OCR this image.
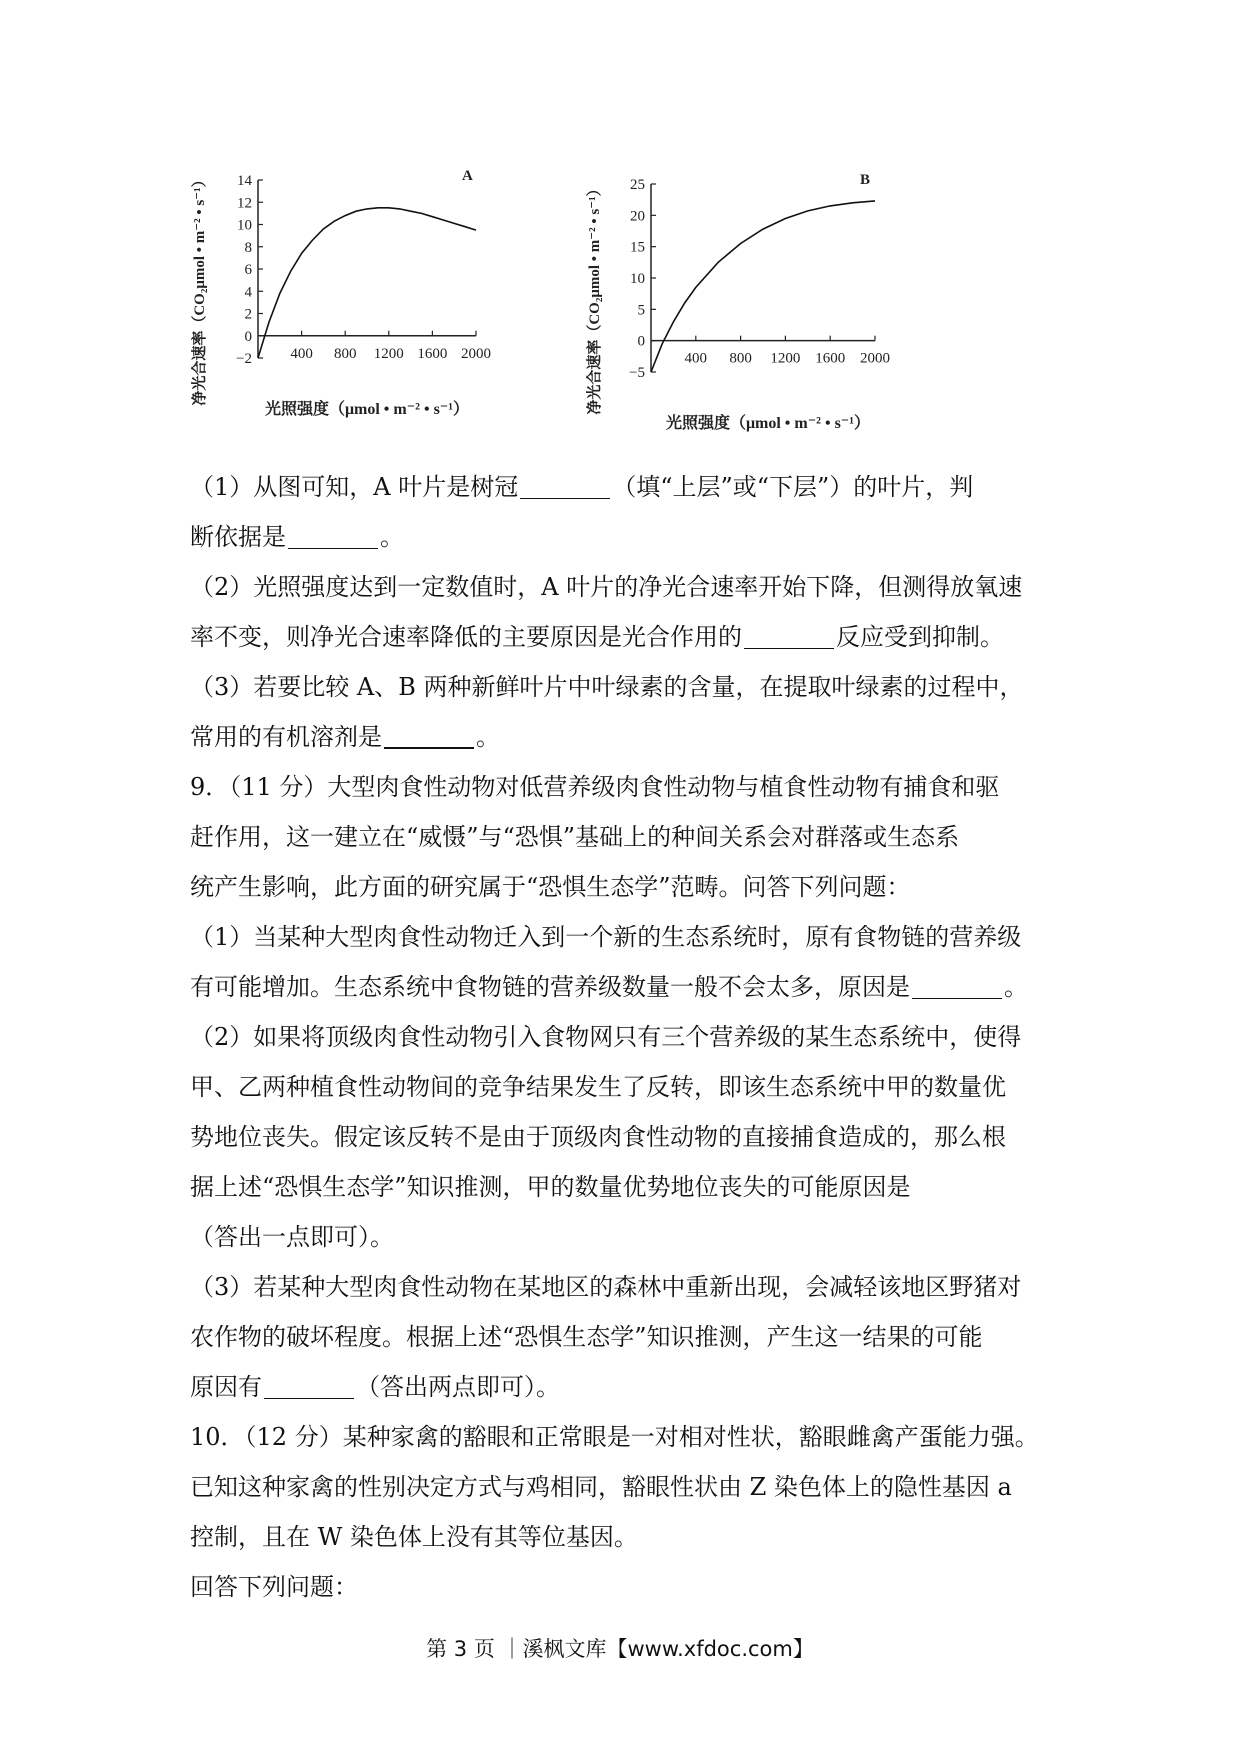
−2
0
2
4
6
8
10
12
14
400 800 1200 1600 2000
A
光照强度（μmol • m⁻² • s⁻¹）
净光合速率（CO₂μmol • m⁻² • s⁻¹）	−5
0
5
10
15
20
25
400 800 1200 1600 2000
B
光照强度（μmol • m⁻² • s⁻¹）
净光合速率（CO₂μmol • m⁻² • s⁻¹）

（1）从图可知，A 叶片是树冠	（填“上层”或“下层”）的叶片，判

断依据是	。

（2）光照强度达到一定数值时，A 叶片的净光合速率开始下降，但测得放氧速

率不变，则净光合速率降低的主要原因是光合作用的	反应受到抑制。

（3）若要比较 A、B 两种新鲜叶片中叶绿素的含量，在提取叶绿素的过程中，

常用的有机溶剂是	。

9．（11 分）大型肉食性动物对低营养级肉食性动物与植食性动物有捕食和驱

赶作用，这一建立在“威慑”与“恐惧”基础上的种间关系会对群落或生态系

统产生影响，此方面的研究属于“恐惧生态学”范畴。问答下列问题：

（1）当某种大型肉食性动物迁入到一个新的生态系统时，原有食物链的营养级

有可能增加。生态系统中食物链的营养级数量一般不会太多，原因是	。

（2）如果将顶级肉食性动物引入食物网只有三个营养级的某生态系统中，使得

甲、乙两种植食性动物间的竞争结果发生了反转，即该生态系统中甲的数量优

势地位丧失。假定该反转不是由于顶级肉食性动物的直接捕食造成的，那么根

据上述“恐惧生态学”知识推测，甲的数量优势地位丧失的可能原因是

（答出一点即可）。

（3）若某种大型肉食性动物在某地区的森林中重新出现，会减轻该地区野猪对

农作物的破坏程度。根据上述“恐惧生态学”知识推测，产生这一结果的可能

原因有	（答出两点即可）。

10．（12 分）某种家禽的豁眼和正常眼是一对相对性状，豁眼雌禽产蛋能力强。

已知这种家禽的性别决定方式与鸡相同，豁眼性状由 Z 染色体上的隐性基因 a

控制，且在 W 染色体上没有其等位基因。

回答下列问题：

第 3 页 ｜溪枫文库【www.xfdoc.com】
